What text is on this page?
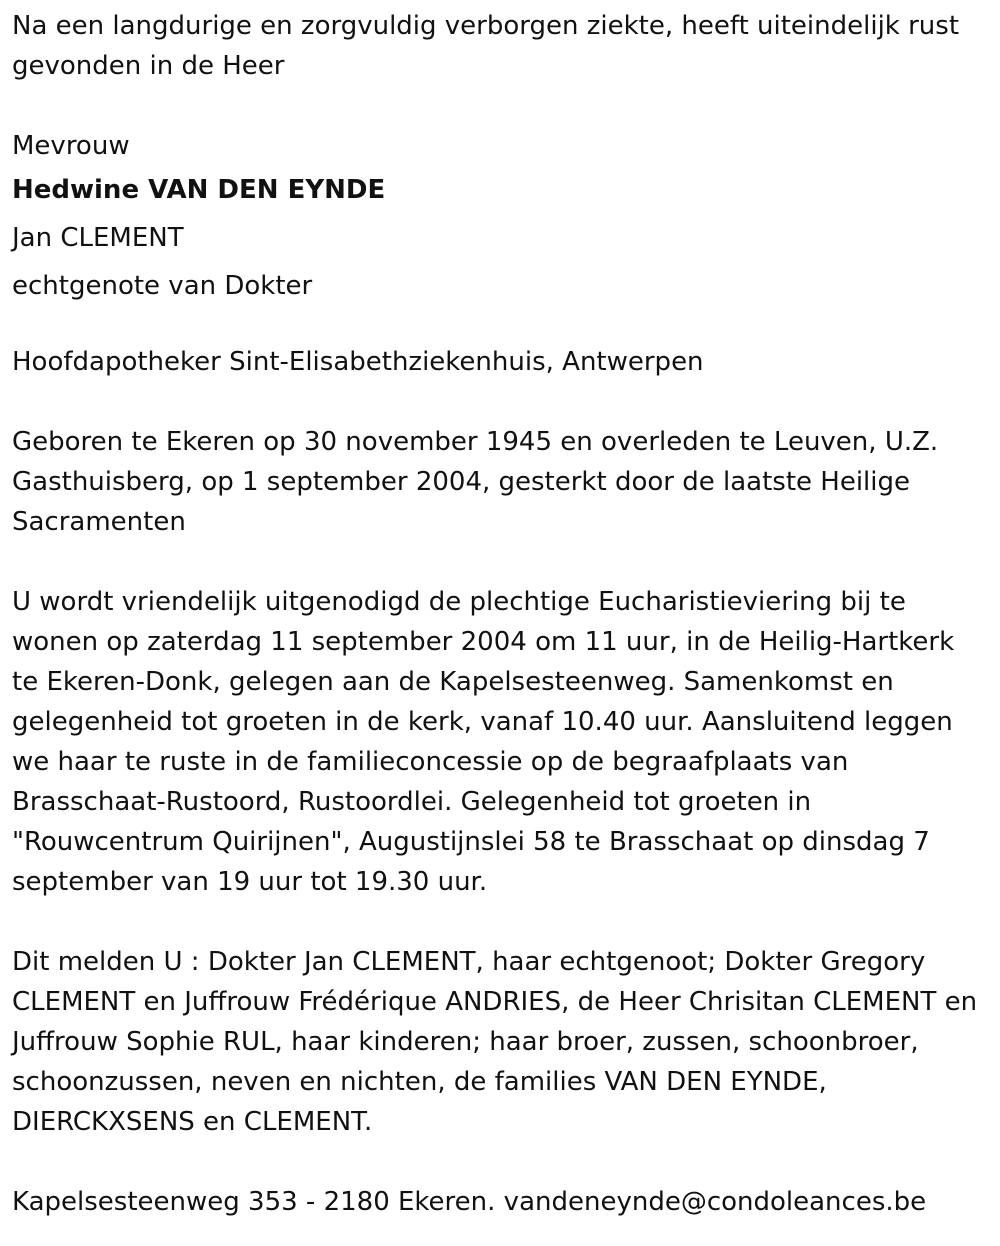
Na een langdurige en zorgvuldig verborgen ziekte, heeft uiteindelijk rust gevonden in de Heer

Mevrouw

Hedwine VAN DEN EYNDE

Jan CLEMENT

echtgenote van Dokter

Hoofdapotheker Sint-Elisabethziekenhuis, Antwerpen

Geboren te Ekeren op 30 november 1945 en overleden te Leuven, U.Z. Gasthuisberg, op 1 september 2004, gesterkt door de laatste Heilige Sacramenten

U wordt vriendelijk uitgenodigd de plechtige Eucharistieviering bij te wonen op zaterdag 11 september 2004 om 11 uur, in de Heilig-Hartkerk te Ekeren-Donk, gelegen aan de Kapelsesteenweg. Samenkomst en gelegenheid tot groeten in de kerk, vanaf 10.40 uur. Aansluitend leggen we haar te ruste in de familieconcessie op de begraafplaats van Brasschaat-Rustoord, Rustoordlei. Gelegenheid tot groeten in "Rouwcentrum Quirijnen", Augustijnslei 58 te Brasschaat op dinsdag 7 september van 19 uur tot 19.30 uur.

Dit melden U : Dokter Jan CLEMENT, haar echtgenoot; Dokter Gregory CLEMENT en Juffrouw Frédérique ANDRIES, de Heer Chrisitan CLEMENT en Juffrouw Sophie RUL, haar kinderen; haar broer, zussen, schoonbroer, schoonzussen, neven en nichten, de families VAN DEN EYNDE, DIERCKXSENS en CLEMENT.

Kapelsesteenweg 353 - 2180 Ekeren. vandeneynde@condoleances.be
